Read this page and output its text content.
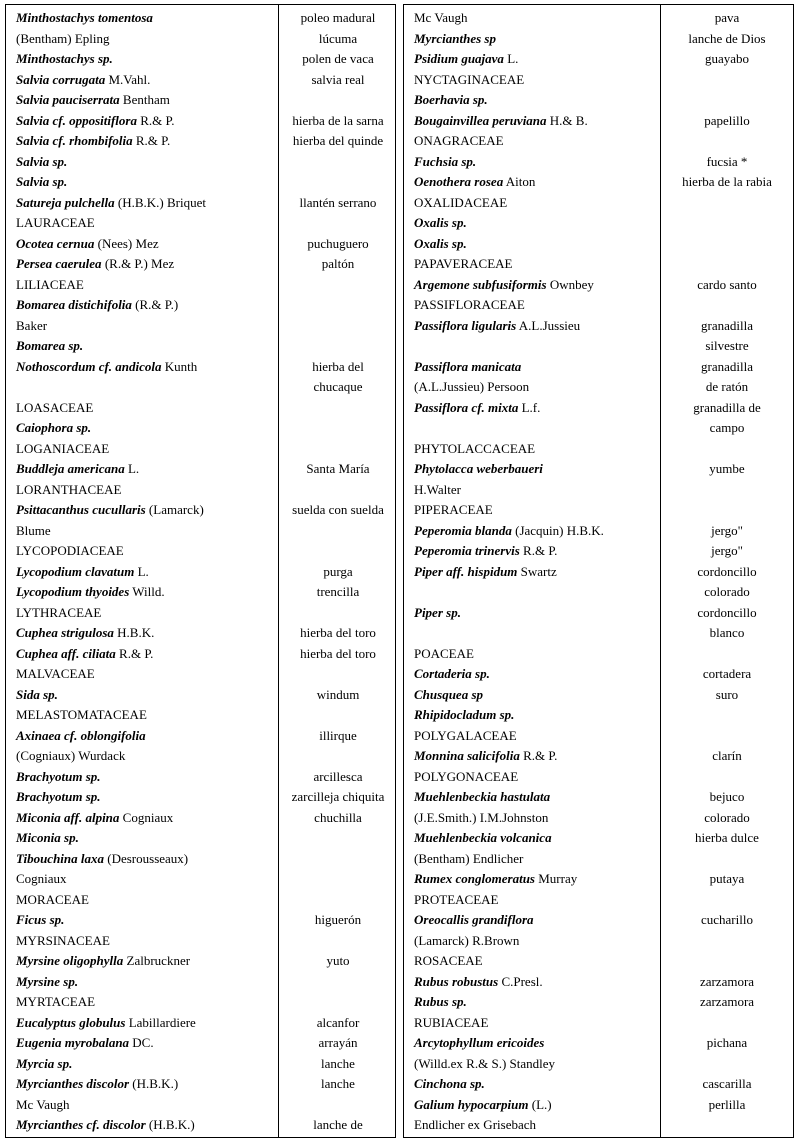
Minthostachys tomentosa	poleo madural
(Bentham) Epling	lúcuma
Minthostachys sp.	polen de vaca
Salvia corrugata M.Vahl.	salvia real
Salvia pauciserrata Bentham
Salvia cf. oppositiflora R.& P.	hierba de la sarna
Salvia cf. rhombifolia R.& P.	hierba del quinde
Salvia sp.
Salvia sp.
Satureja pulchella (H.B.K.) Briquet	llantén serrano
LAURACEAE
Ocotea cernua (Nees) Mez	puchuguero
Persea caerulea (R.& P.) Mez	paltón
LILIACEAE
Bomarea distichifolia (R.& P.)
Baker
Bomarea sp.
Nothoscordum cf. andicola Kunth	hierba del
chucaque
LOASACEAE
Caiophora sp.
LOGANIACEAE
Buddleja americana L.	Santa María
LORANTHACEAE
Psittacanthus cucullaris (Lamarck)	suelda con suelda
Blume
LYCOPODIACEAE
Lycopodium clavatum L.	purga
Lycopodium thyoides Willd.	trencilla
LYTHRACEAE
Cuphea strigulosa H.B.K.	hierba del toro
Cuphea aff. ciliata R.& P.	hierba del toro
MALVACEAE
Sida sp.	windum
MELASTOMATACEAE
Axinaea cf. oblongifolia	illirque
(Cogniaux) Wurdack
Brachyotum sp.	arcillesca
Brachyotum sp.	zarcilleja chiquita
Miconia aff. alpina Cogniaux	chuchilla
Miconia sp.
Tibouchina laxa (Desrousseaux)
Cogniaux
MORACEAE
Ficus sp.	higuerón
MYRSINACEAE
Myrsine oligophylla Zalbruckner	yuto
Myrsine sp.
MYRTACEAE
Eucalyptus globulus Labillardiere	alcanfor
Eugenia myrobalana DC.	arrayán
Myrcia sp.	lanche
Myrcianthes discolor (H.B.K.)	lanche
Mc Vaugh
Myrcianthes cf. discolor (H.B.K.)	lanche de
Mc Vaugh	pava
Myrcianthes sp	lanche de Dios
Psidium guajava L.	guayabo
NYCTAGINACEAE
Boerhavia sp.
Bougainvillea peruviana H.& B.	papelillo
ONAGRACEAE
Fuchsia sp.	fucsia *
Oenothera rosea Aiton	hierba de la rabia
OXALIDACEAE
Oxalis sp.
Oxalis sp.
PAPAVERACEAE
Argemone subfusiformis Ownbey	cardo santo
PASSIFLORACEAE
Passiflora ligularis A.L.Jussieu	granadilla
silvestre
Passiflora manicata	granadilla
(A.L.Jussieu) Persoon	de ratón
Passiflora cf. mixta L.f.	granadilla de
campo
PHYTOLACCACEAE
Phytolacca weberbaueri	yumbe
H.Walter
PIPERACEAE
Peperomia blanda (Jacquin) H.B.K.	jergo"
Peperomia trinervis R.& P.	jergo"
Piper aff. hispidum Swartz	cordoncillo
colorado
Piper sp.	cordoncillo
blanco
POACEAE
Cortaderia sp.	cortadera
Chusquea sp	suro
Rhipidocladum sp.
POLYGALACEAE
Monnina salicifolia R.& P.	clarín
POLYGONACEAE
Muehlenbeckia hastulata	bejuco
(J.E.Smith.) I.M.Johnston	colorado
Muehlenbeckia volcanica	hierba dulce
(Bentham) Endlicher
Rumex conglomeratus Murray	putaya
PROTEACEAE
Oreocallis grandiflora	cucharillo
(Lamarck) R.Brown
ROSACEAE
Rubus robustus C.Presl.	zarzamora
Rubus sp.	zarzamora
RUBIACEAE
Arcytophyllum ericoides	pichana
(Willd.ex R.& S.) Standley
Cinchona sp.	cascarilla
Galium hypocarpium (L.)	perlilla
Endlicher ex Grisebach
